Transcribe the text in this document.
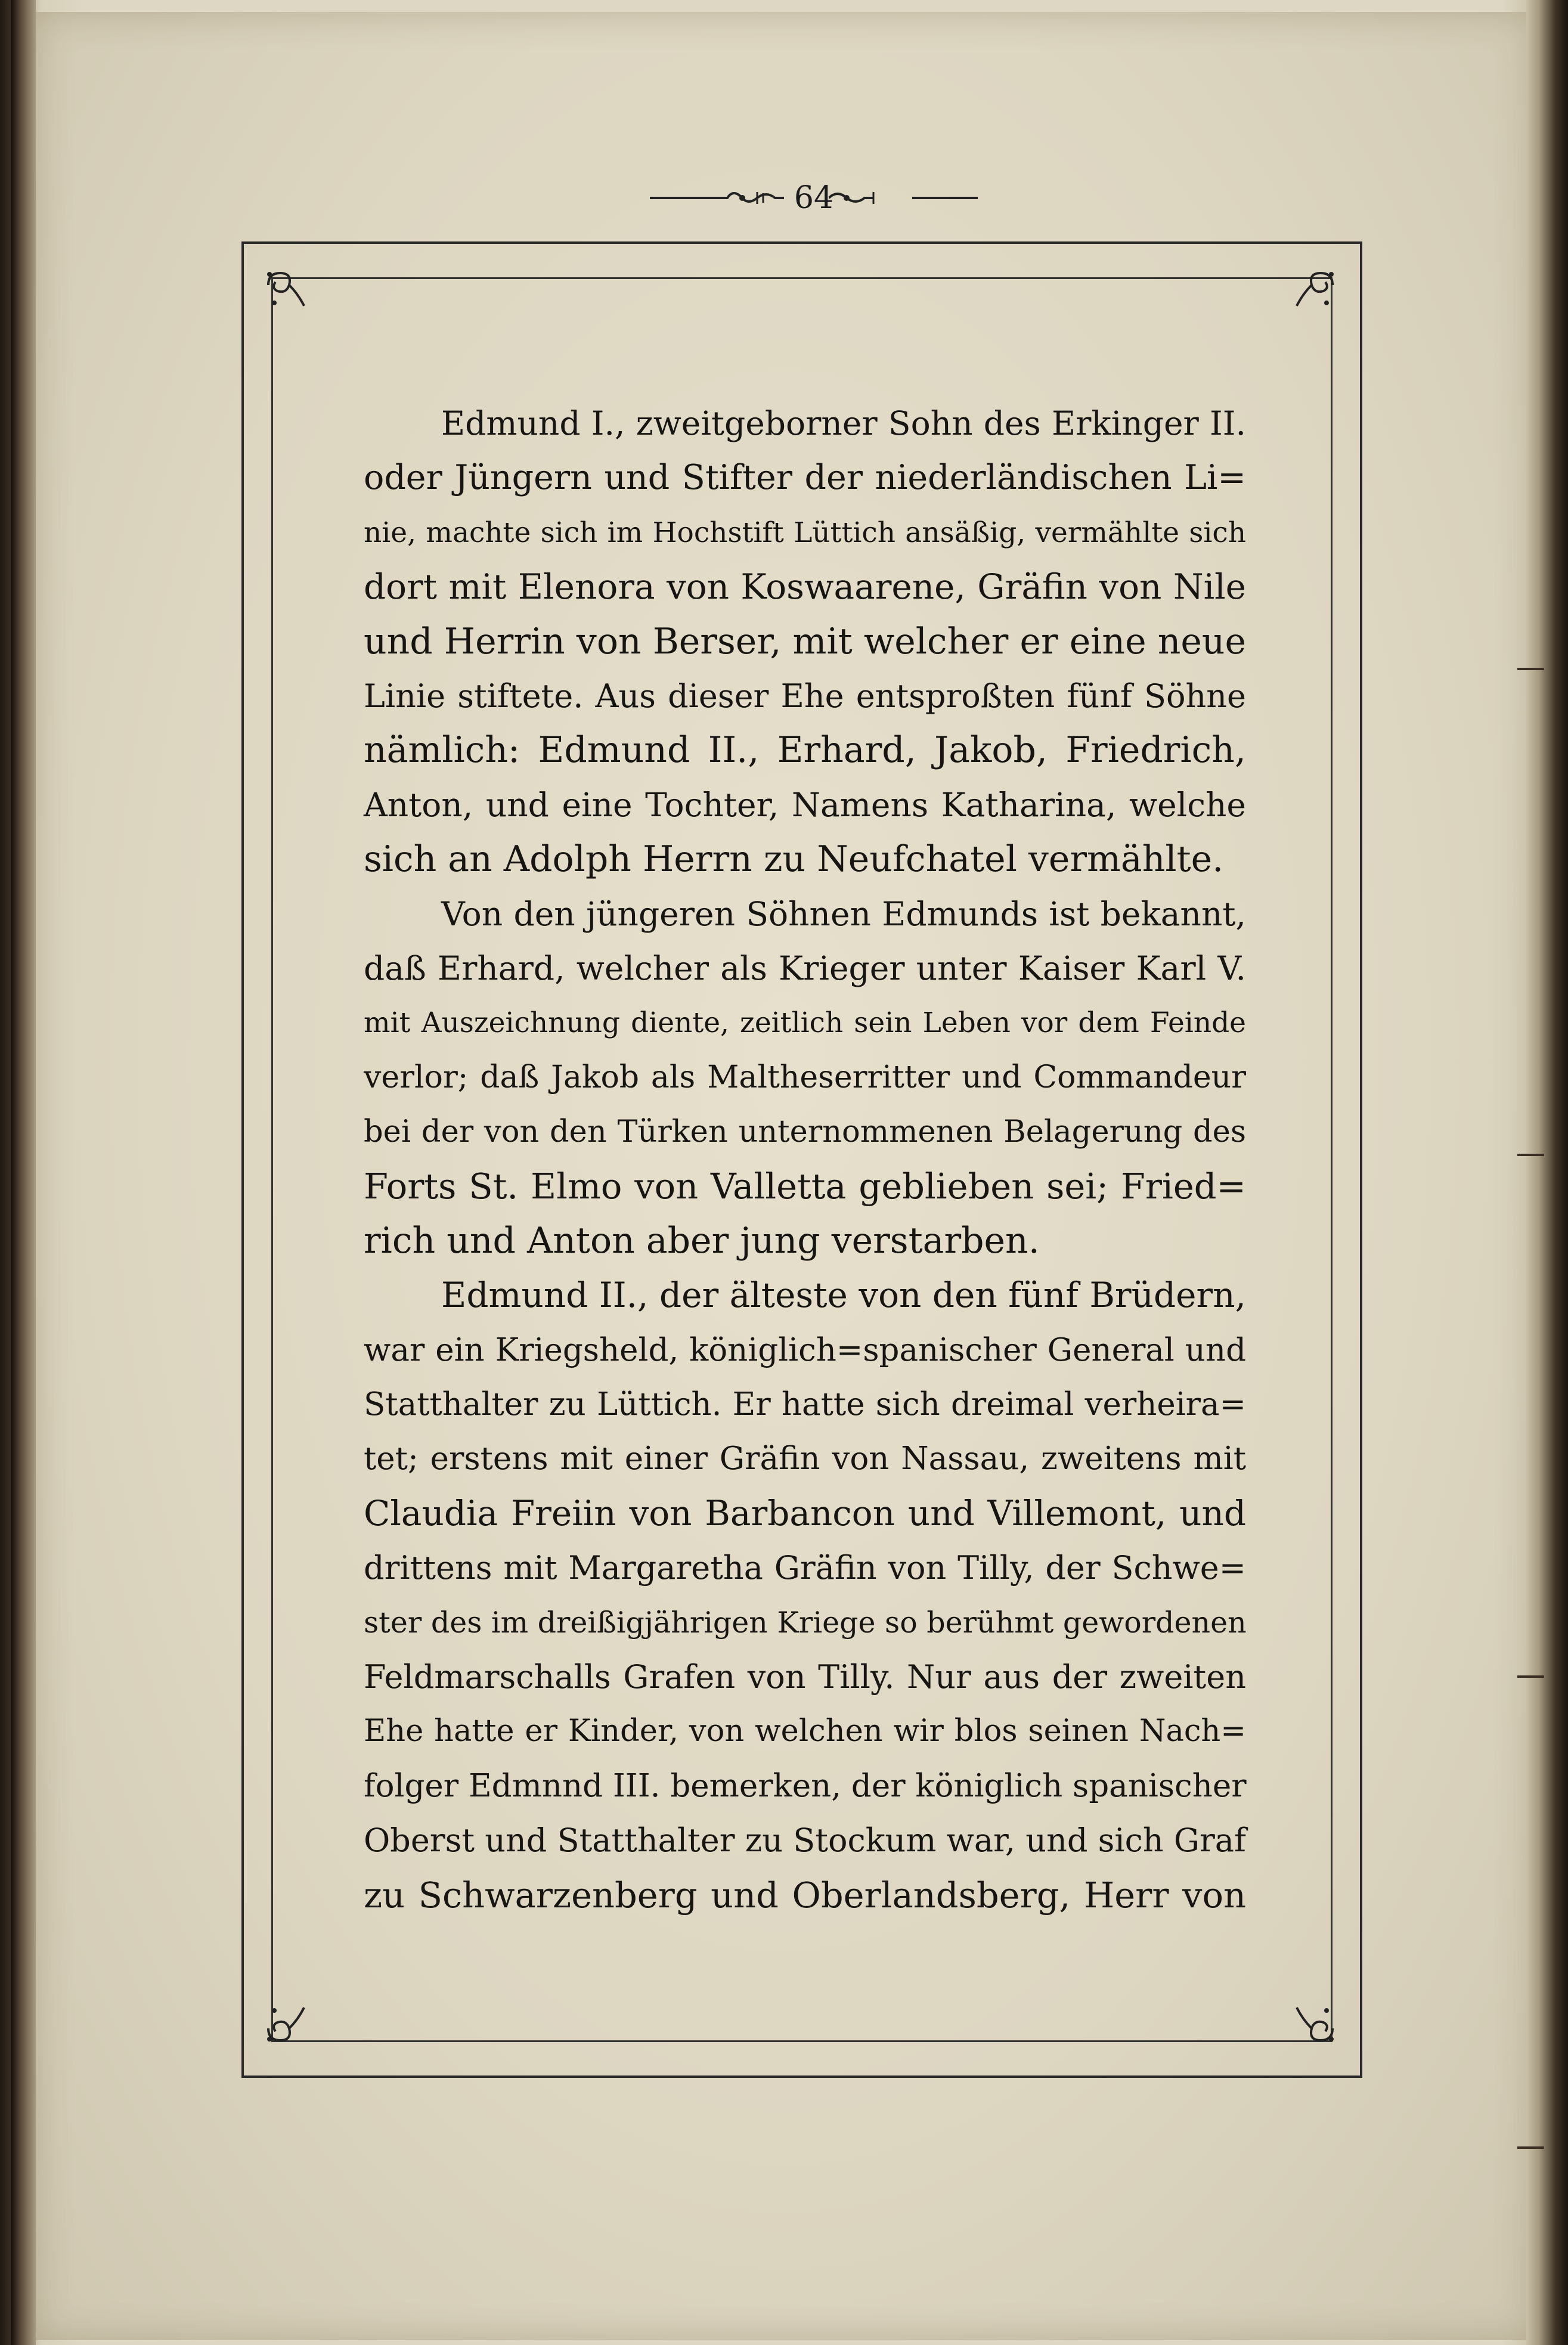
64
Edmund I., zweitgeborner Sohn des Erkinger II.
oder Jüngern und Stifter der niederländischen Li=
nie, machte sich im Hochstift Lüttich ansäßig, vermählte sich
dort mit Elenora von Koswaarene, Gräfin von Nile
und Herrin von Berser, mit welcher er eine neue
Linie stiftete. Aus dieser Ehe entsproßten fünf Söhne
nämlich: Edmund II., Erhard, Jakob, Friedrich,
Anton, und eine Tochter, Namens Katharina, welche
sich an Adolph Herrn zu Neufchatel vermählte.
Von den jüngeren Söhnen Edmunds ist bekannt,
daß Erhard, welcher als Krieger unter Kaiser Karl V.
mit Auszeichnung diente, zeitlich sein Leben vor dem Feinde
verlor; daß Jakob als Maltheserritter und Commandeur
bei der von den Türken unternommenen Belagerung des
Forts St. Elmo von Valletta geblieben sei; Fried=
rich und Anton aber jung verstarben.
Edmund II., der älteste von den fünf Brüdern,
war ein Kriegsheld, königlich=spanischer General und
Statthalter zu Lüttich. Er hatte sich dreimal verheira=
tet; erstens mit einer Gräfin von Nassau, zweitens mit
Claudia Freiin von Barbancon und Villemont, und
drittens mit Margaretha Gräfin von Tilly, der Schwe=
ster des im dreißigjährigen Kriege so berühmt gewordenen
Feldmarschalls Grafen von Tilly. Nur aus der zweiten
Ehe hatte er Kinder, von welchen wir blos seinen Nach=
folger Edmnnd III. bemerken, der königlich spanischer
Oberst und Statthalter zu Stockum war, und sich Graf
zu Schwarzenberg und Oberlandsberg, Herr von
